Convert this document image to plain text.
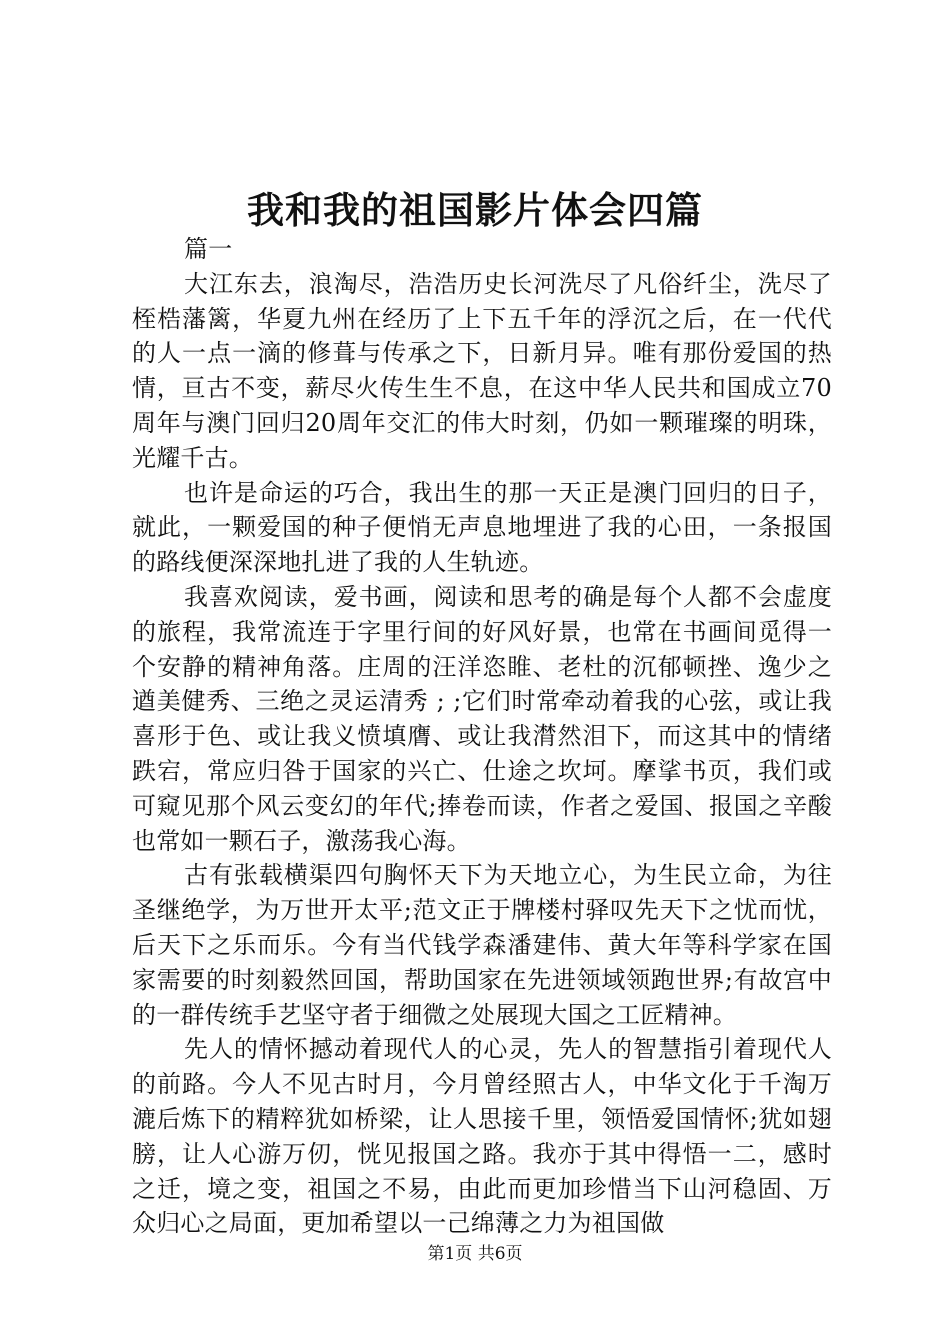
我和我的祖国影片体会四篇

篇一

大江东去，浪淘尽，浩浩历史长河洗尽了凡俗纤尘，洗尽了桎梏藩篱，华夏九州在经历了上下五千年的浮沉之后，在一代代的人一点一滴的修葺与传承之下，日新月异。唯有那份爱国的热情，亘古不变，薪尽火传生生不息，在这中华人民共和国成立70周年与澳门回归20周年交汇的伟大时刻，仍如一颗璀璨的明珠，光耀千古。

也许是命运的巧合，我出生的那一天正是澳门回归的日子，就此，一颗爱国的种子便悄无声息地埋进了我的心田，一条报国的路线便深深地扎进了我的人生轨迹。

我喜欢阅读，爱书画，阅读和思考的确是每个人都不会虚度的旅程，我常流连于字里行间的好风好景，也常在书画间觅得一个安静的精神角落。庄周的汪洋恣睢、老杜的沉郁顿挫、逸少之遒美健秀、三绝之灵运清秀 ; ;它们时常牵动着我的心弦，或让我喜形于色、或让我义愤填膺、或让我潸然泪下，而这其中的情绪跌宕，常应归咎于国家的兴亡、仕途之坎坷。摩挲书页，我们或可窥见那个风云变幻的年代;捧卷而读，作者之爱国、报国之辛酸也常如一颗石子，激荡我心海。

古有张载横渠四句胸怀天下为天地立心，为生民立命，为往圣继绝学，为万世开太平;范文正于牌楼村驿叹先天下之忧而忧，后天下之乐而乐。今有当代钱学森潘建伟、黄大年等科学家在国家需要的时刻毅然回国，帮助国家在先进领域领跑世界;有故宫中的一群传统手艺坚守者于细微之处展现大国之工匠精神。

先人的情怀撼动着现代人的心灵，先人的智慧指引着现代人的前路。今人不见古时月，今月曾经照古人，中华文化于千淘万漉后炼下的精粹犹如桥梁，让人思接千里，领悟爱国情怀;犹如翅膀，让人心游万仞，恍见报国之路。我亦于其中得悟一二，感时之迁，境之变，祖国之不易，由此而更加珍惜当下山河稳固、万众归心之局面，更加希望以一己绵薄之力为祖国做

第1页 共6页
